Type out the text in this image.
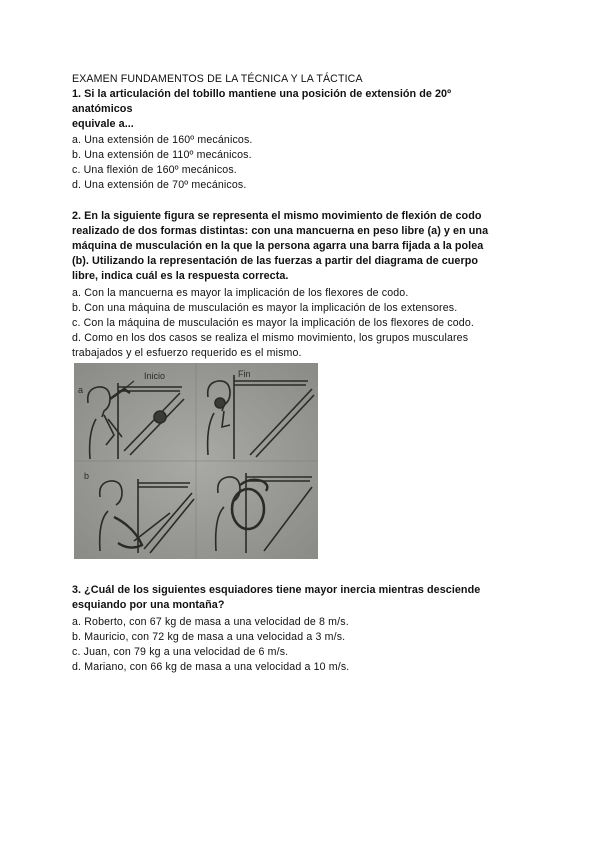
EXAMEN FUNDAMENTOS DE LA TÉCNICA Y LA TÁCTICA
1. Si la articulación del tobillo mantiene una posición de extensión de 20º
anatómicos
equivale a...
a. Una extensión de 160º mecánicos.
b. Una extensión de 110º mecánicos.
c. Una flexión de 160º mecánicos.
d. Una extensión de 70º mecánicos.
2. En la siguiente figura se representa el mismo movimiento de flexión de codo
realizado de dos formas distintas: con una mancuerna en peso libre (a) y en una
máquina de musculación en la que la persona agarra una barra fijada a la polea
(b). Utilizando la representación de las fuerzas a partir del diagrama de cuerpo
libre, indica cuál es la respuesta correcta.
a. Con la mancuerna es mayor la implicación de los flexores de codo.
b. Con una máquina de musculación es mayor la implicación de los extensores.
c. Con la máquina de musculación es mayor la implicación de los flexores de codo.
d. Como en los dos casos se realiza el mismo movimiento, los grupos musculares
trabajados y el esfuerzo requerido es el mismo.
a
Inicio	Fin
b
3. ¿Cuál de los siguientes esquiadores tiene mayor inercia mientras desciende
esquiando por una montaña?
a. Roberto, con 67 kg de masa a una velocidad de 8 m/s.
b. Mauricio, con 72 kg de masa a una velocidad a 3 m/s.
c. Juan, con 79 kg a una velocidad de 6 m/s.
d. Mariano, con 66 kg de masa a una velocidad a 10 m/s.
